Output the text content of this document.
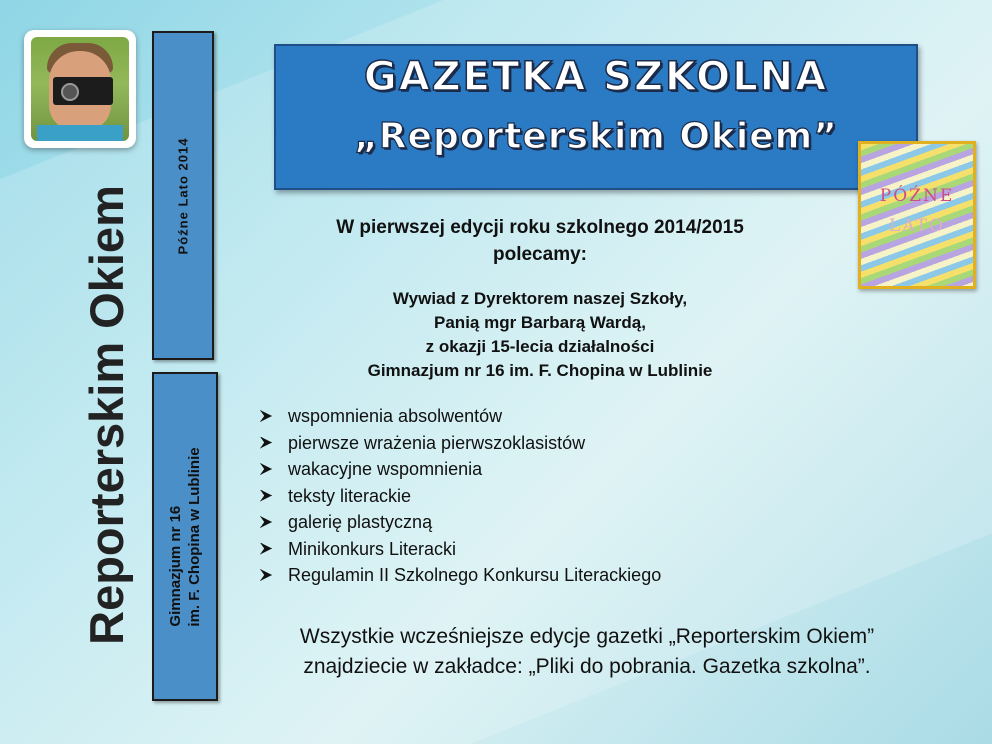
Reporterskim Okiem	Późne Lato 2014
Gimnazjum nr 16 im. F. Chopina w Lublinie
GAZETKA SZKOLNA
„Reporterskim Okiem”
PÓŹNE
LATO
W pierwszej edycji roku szkolnego 2014/2015
polecamy:
Wywiad z Dyrektorem naszej Szkoły,
Panią mgr Barbarą Wardą,
z okazji 15-lecia działalności
Gimnazjum nr 16 im. F. Chopina w Lublinie
wspomnienia absolwentów
pierwsze wrażenia pierwszoklasistów
wakacyjne wspomnienia
teksty literackie
galerię plastyczną
Minikonkurs Literacki
Regulamin II Szkolnego Konkursu Literackiego
Wszystkie wcześniejsze edycje gazetki „Reporterskim Okiem”
znajdziecie w zakładce: „Pliki do pobrania. Gazetka szkolna”.
